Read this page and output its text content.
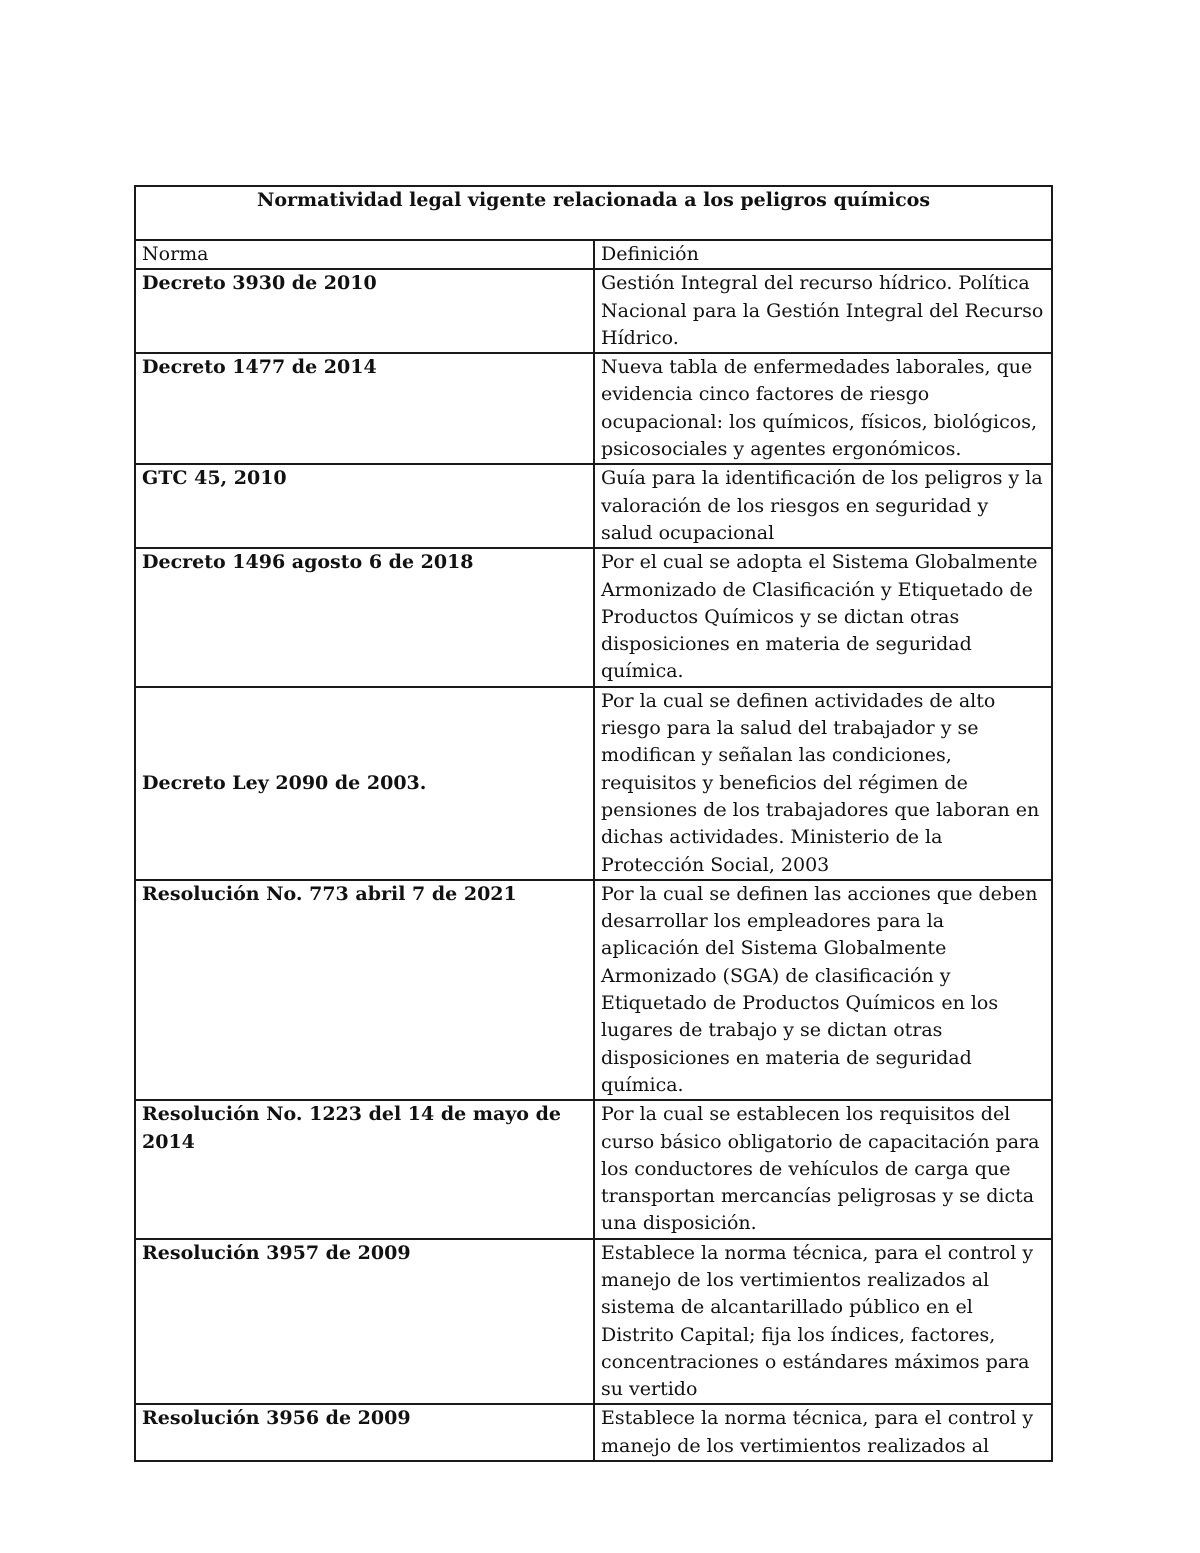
Normatividad legal vigente relacionada a los peligros químicos	
Norma	Definición
Decreto 3930 de 2010	Gestión Integral del recurso hídrico. Política Nacional para la Gestión Integral del Recurso Hídrico.
Decreto 1477 de 2014	Nueva tabla de enfermedades laborales, que evidencia cinco factores de riesgo ocupacional: los químicos, físicos, biológicos, psicosociales y agentes ergonómicos.
GTC 45, 2010	Guía para la identificación de los peligros y la valoración de los riesgos en seguridad y salud ocupacional
Decreto 1496 agosto 6 de 2018	Por el cual se adopta el Sistema Globalmente Armonizado de Clasificación y Etiquetado de Productos Químicos y se dictan otras disposiciones en materia de seguridad química.
Decreto Ley 2090 de 2003.	Por la cual se definen actividades de alto riesgo para la salud del trabajador y se modifican y señalan las condiciones, requisitos y beneficios del régimen de pensiones de los trabajadores que laboran en dichas actividades. Ministerio de la Protección Social, 2003
Resolución No. 773 abril 7 de 2021	Por la cual se definen las acciones que deben desarrollar los empleadores para la aplicación del Sistema Globalmente Armonizado (SGA) de clasificación y Etiquetado de Productos Químicos en los lugares de trabajo y se dictan otras disposiciones en materia de seguridad química.
Resolución No. 1223 del 14 de mayo de 2014	Por la cual se establecen los requisitos del curso básico obligatorio de capacitación para los conductores de vehículos de carga que transportan mercancías peligrosas y se dicta una disposición.
Resolución 3957 de 2009	Establece la norma técnica, para el control y manejo de los vertimientos realizados al sistema de alcantarillado público en el Distrito Capital; fija los índices, factores, concentraciones o estándares máximos para su vertido
Resolución 3956 de 2009	Establece la norma técnica, para el control y manejo de los vertimientos realizados al
